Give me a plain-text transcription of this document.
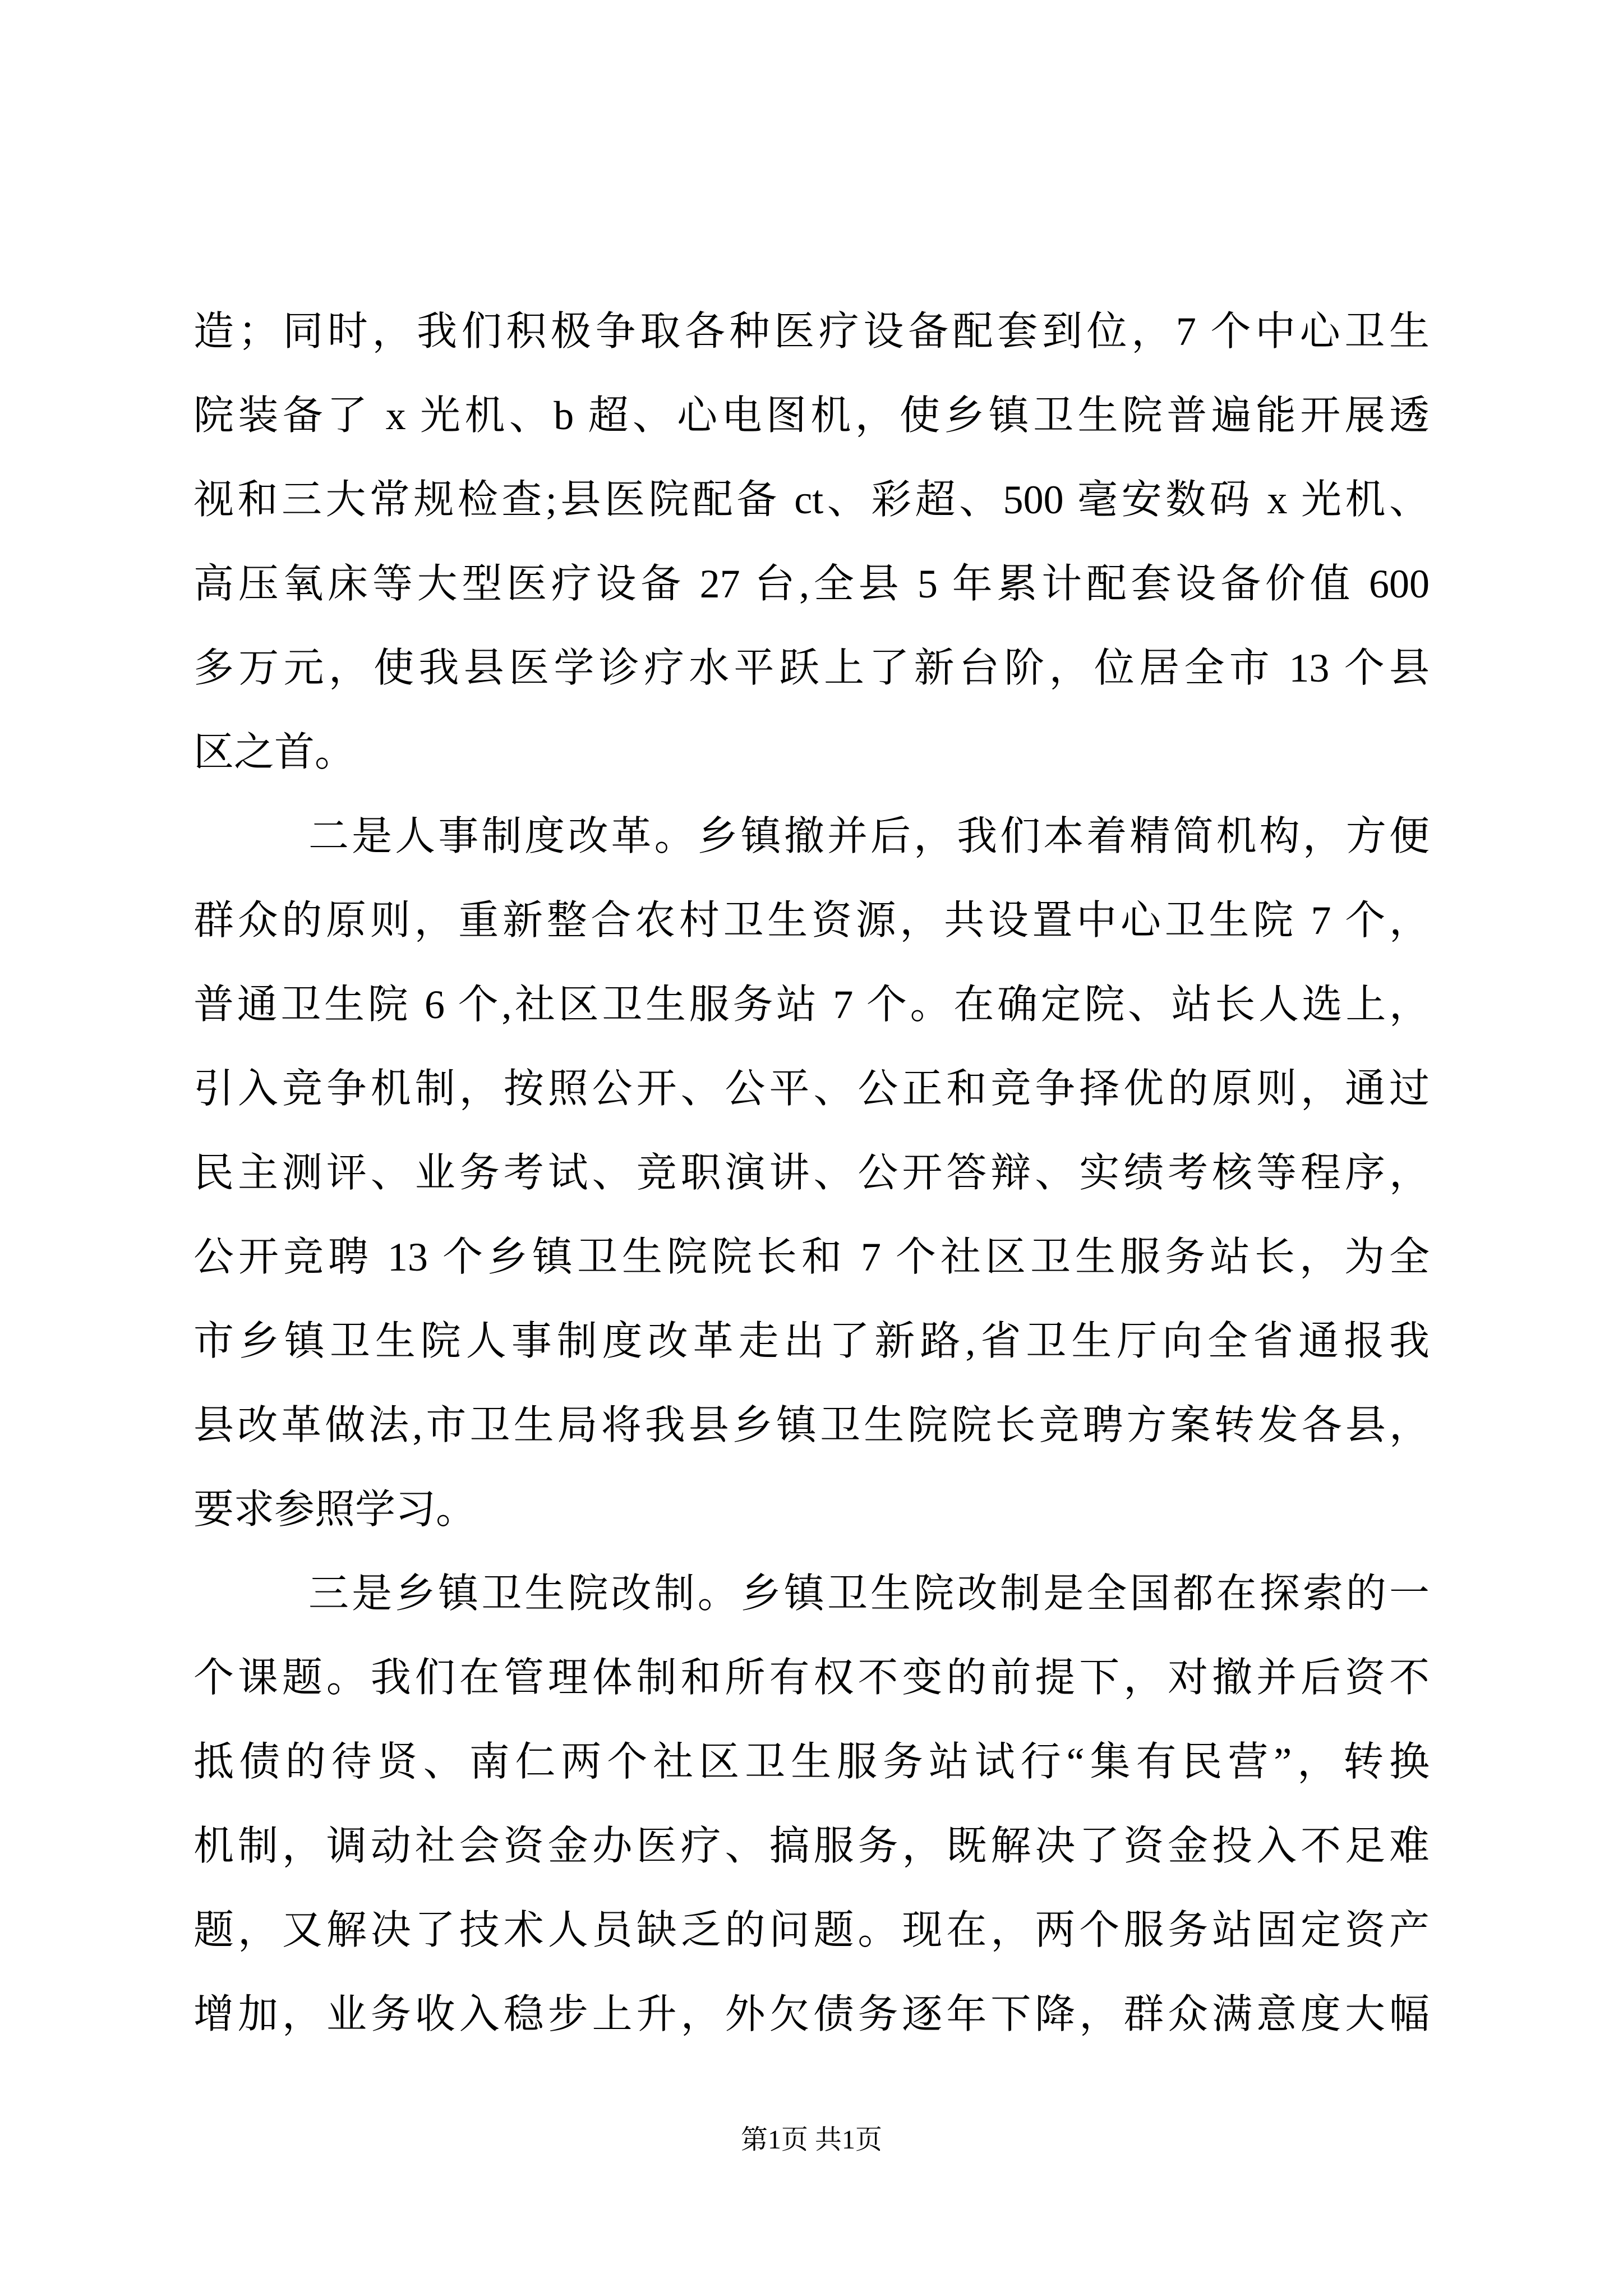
造；同时，我们积极争取各种医疗设备配套到位，7 个中心卫生
院装备了 x 光机、b 超、心电图机，使乡镇卫生院普遍能开展透
视和三大常规检查;县医院配备 ct、彩超、500 毫安数码 x 光机、
高压氧床等大型医疗设备 27 台,全县 5 年累计配套设备价值 600
多万元，使我县医学诊疗水平跃上了新台阶，位居全市 13 个县
区之首。
二是人事制度改革。乡镇撤并后，我们本着精简机构，方便
群众的原则，重新整合农村卫生资源，共设置中心卫生院 7 个，
普通卫生院 6 个,社区卫生服务站 7 个。在确定院、站长人选上，
引入竞争机制，按照公开、公平、公正和竞争择优的原则，通过
民主测评、业务考试、竞职演讲、公开答辩、实绩考核等程序，
公开竞聘 13 个乡镇卫生院院长和 7 个社区卫生服务站长，为全
市乡镇卫生院人事制度改革走出了新路,省卫生厅向全省通报我
县改革做法,市卫生局将我县乡镇卫生院院长竞聘方案转发各县，
要求参照学习。
三是乡镇卫生院改制。乡镇卫生院改制是全国都在探索的一
个课题。我们在管理体制和所有权不变的前提下，对撤并后资不
抵债的待贤、南仁两个社区卫生服务站试行“集有民营”，转换
机制，调动社会资金办医疗、搞服务，既解决了资金投入不足难
题，又解决了技术人员缺乏的问题。现在，两个服务站固定资产
增加，业务收入稳步上升，外欠债务逐年下降，群众满意度大幅
第1页 共1页
